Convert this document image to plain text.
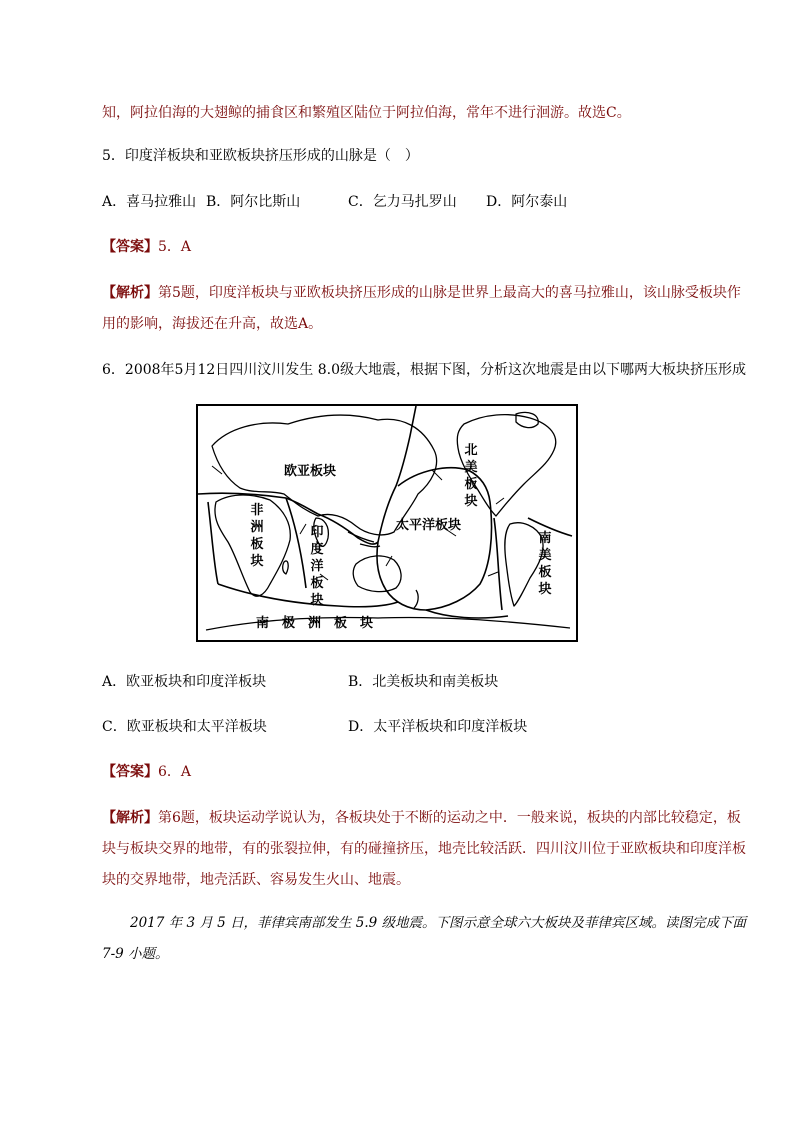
知，阿拉伯海的大翅鲸的捕食区和繁殖区陆位于阿拉伯海，常年不进行洄游。故选C。
5．印度洋板块和亚欧板块挤压形成的山脉是（　）
A．喜马拉雅山 B．阿尔比斯山	C．乞力马扎罗山 D．阿尔泰山
【答案】5．A
【解析】第5题，印度洋板块与亚欧板块挤压形成的山脉是世界上最高大的喜马拉雅山，该山脉受板块作
用的影响，海拔还在升高，故选A。
6．2008年5月12日四川汶川发生 8.0级大地震，根据下图，分析这次地震是由以下哪两大板块挤压形成
欧亚板块
非洲板块
印度洋板块
太平洋板块
北美板块
南美板块
南　极　洲　板　块
A．欧亚板块和印度洋板块	B．北美板块和南美板块
C．欧亚板块和太平洋板块	D．太平洋板块和印度洋板块
【答案】6．A
【解析】第6题，板块运动学说认为，各板块处于不断的运动之中．一般来说，板块的内部比较稳定，板
块与板块交界的地带，有的张裂拉伸，有的碰撞挤压，地壳比较活跃．四川汶川位于亚欧板块和印度洋板
块的交界地带，地壳活跃、容易发生火山、地震。
2017 年 3 月 5 日，菲律宾南部发生 5.9 级地震。下图示意全球六大板块及菲律宾区域。读图完成下面
7-9 小题。
